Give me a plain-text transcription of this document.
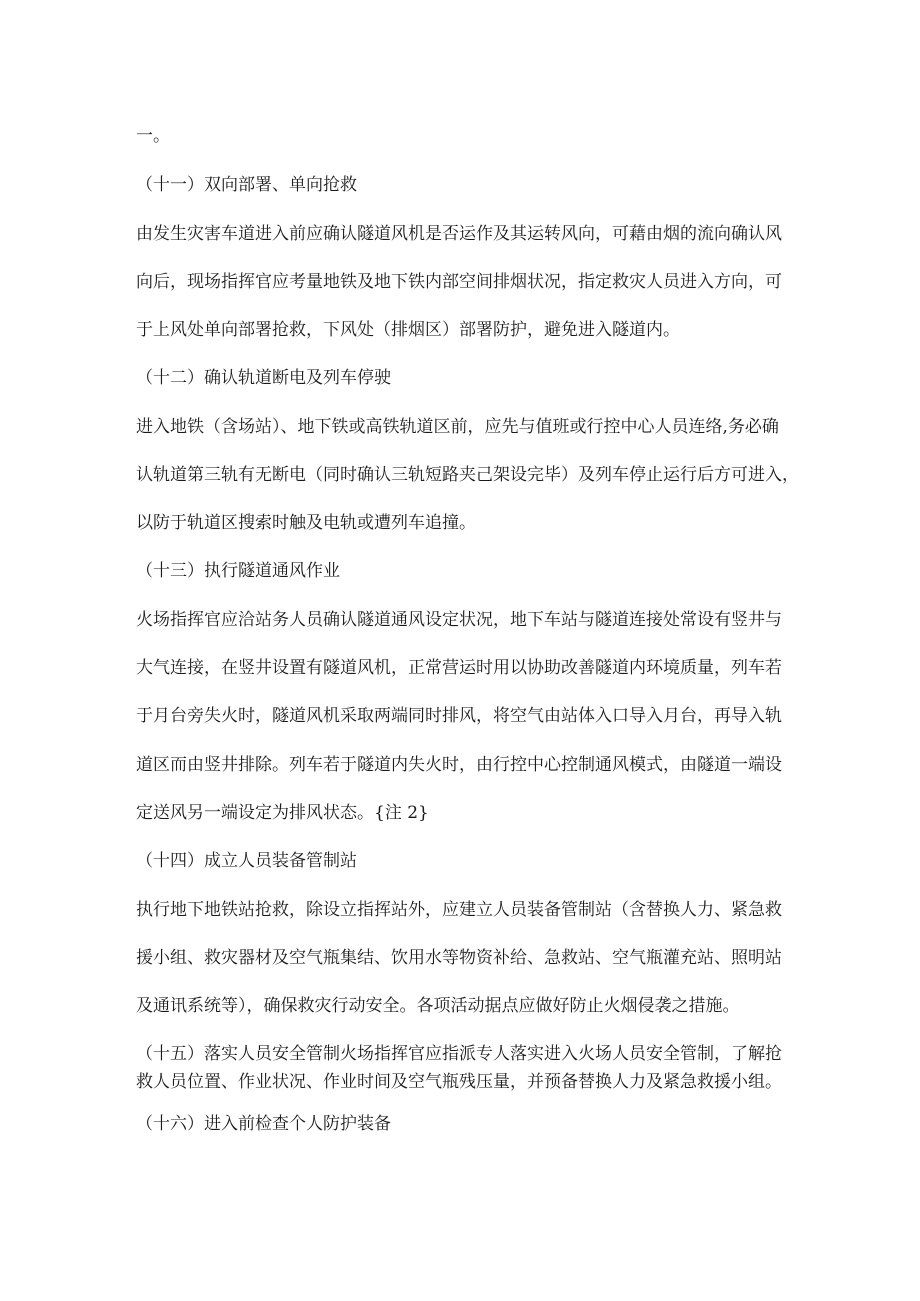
一。

（十一）双向部署、单向抢救

由发生灾害车道进入前应确认隧道风机是否运作及其运转风向，可藉由烟的流向确认风

向后，现场指挥官应考量地铁及地下铁内部空间排烟状况，指定救灾人员进入方向，可

于上风处单向部署抢救，下风处（排烟区）部署防护，避免进入隧道内。

（十二）确认轨道断电及列车停驶

进入地铁（含场站）、地下铁或高铁轨道区前，应先与值班或行控中心人员连络,务必确

认轨道第三轨有无断电（同时确认三轨短路夹己架设完毕）及列车停止运行后方可进入，

以防于轨道区搜索时触及电轨或遭列车追撞。

（十三）执行隧道通风作业

火场指挥官应洽站务人员确认隧道通风设定状况，地下车站与隧道连接处常设有竖井与

大气连接，在竖井设置有隧道风机，正常营运时用以协助改善隧道内环境质量，列车若

于月台旁失火时，隧道风机采取两端同时排风，将空气由站体入口导入月台，再导入轨

道区而由竖井排除。列车若于隧道内失火时，由行控中心控制通风模式，由隧道一端设

定送风另一端设定为排风状态。{注 2}

（十四）成立人员装备管制站

执行地下地铁站抢救，除设立指挥站外，应建立人员装备管制站（含替换人力、紧急救

援小组、救灾器材及空气瓶集结、饮用水等物资补给、急救站、空气瓶灌充站、照明站

及通讯系统等），确保救灾行动安全。各项活动据点应做好防止火烟侵袭之措施。

（十五）落实人员安全管制火场指挥官应指派专人落实进入火场人员安全管制，了解抢

救人员位置、作业状况、作业时间及空气瓶残压量，并预备替换人力及紧急救援小组。

（十六）进入前检查个人防护装备
